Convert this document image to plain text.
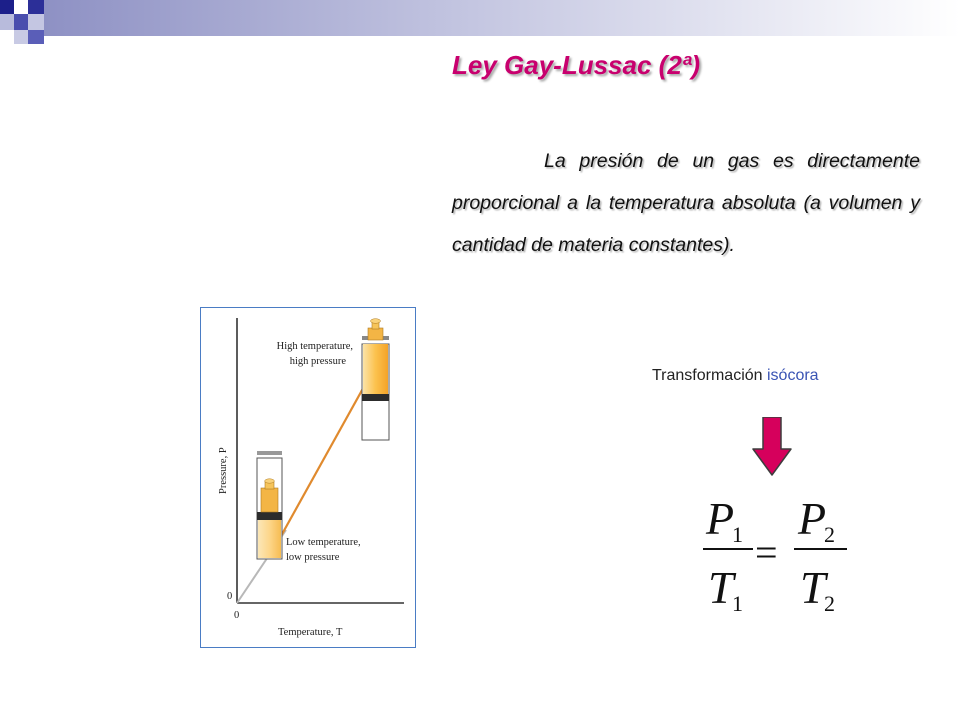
Ley Gay-Lussac (2ª)

La presión de un gas es directamente proporcional a la temperatura absoluta (a volumen y cantidad de materia constantes).

High temperature,
high pressure
Low temperature,
low pressure
0
0
Temperature, T
Pressure, P
Transformación isócora
P
1
T
1
=
P
2
T
2
